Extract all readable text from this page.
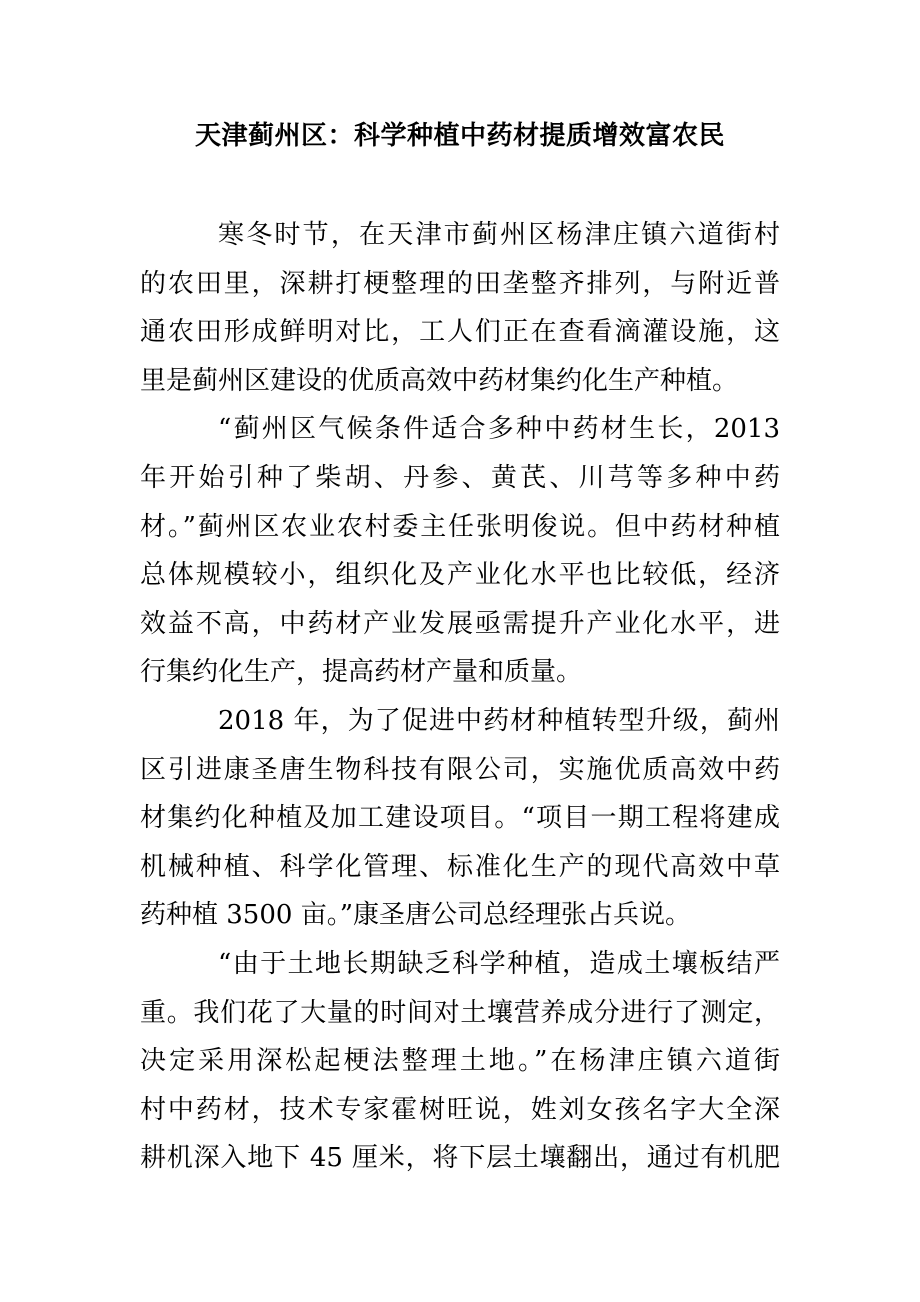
天津蓟州区：科学种植中药材提质增效富农民
寒冬时节，在天津市蓟州区杨津庄镇六道街村
的农田里，深耕打梗整理的田垄整齐排列，与附近普
通农田形成鲜明对比，工人们正在查看滴灌设施，这
里是蓟州区建设的优质高效中药材集约化生产种植。
“蓟州区气候条件适合多种中药材生长，2013
年开始引种了柴胡、丹参、黄芪、川芎等多种中药
材。”蓟州区农业农村委主任张明俊说。但中药材种植
总体规模较小，组织化及产业化水平也比较低，经济
效益不高，中药材产业发展亟需提升产业化水平，进
行集约化生产，提高药材产量和质量。
2018 年，为了促进中药材种植转型升级，蓟州
区引进康圣唐生物科技有限公司，实施优质高效中药
材集约化种植及加工建设项目。“项目一期工程将建成
机械种植、科学化管理、标准化生产的现代高效中草
药种植 3500 亩。”康圣唐公司总经理张占兵说。
“由于土地长期缺乏科学种植，造成土壤板结严
重。我们花了大量的时间对土壤营养成分进行了测定，
决定采用深松起梗法整理土地。”在杨津庄镇六道街
村中药材，技术专家霍树旺说，姓刘女孩名字大全深
耕机深入地下 45 厘米，将下层土壤翻出，通过有机肥
